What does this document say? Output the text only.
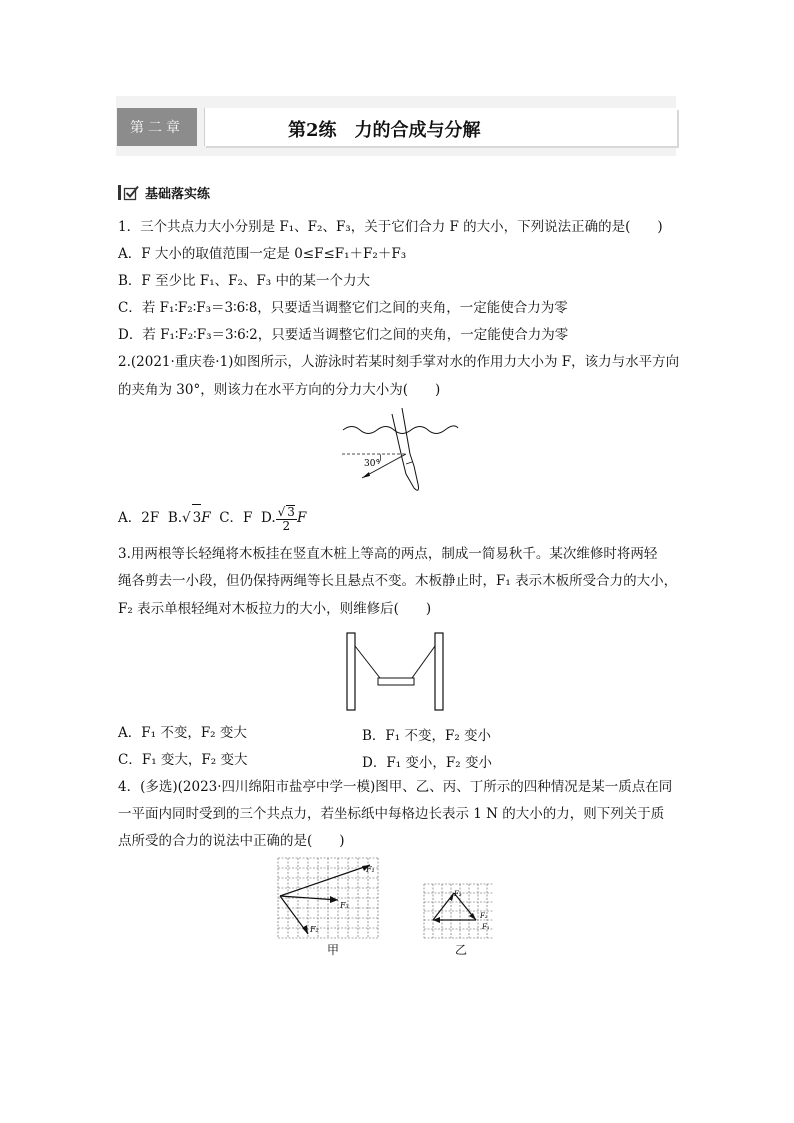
第二章	第2练　力的合成与分解
基础落实练
1．三个共点力大小分别是 F₁、F₂、F₃，关于它们合力 F 的大小，下列说法正确的是(　　)
A．F 大小的取值范围一定是 0≤F≤F₁＋F₂＋F₃
B．F 至少比 F₁、F₂、F₃ 中的某一个力大
C．若 F₁∶F₂∶F₃＝3∶6∶8，只要适当调整它们之间的夹角，一定能使合力为零
D．若 F₁∶F₂∶F₃＝3∶6∶2，只要适当调整它们之间的夹角，一定能使合力为零
2.(2021·重庆卷·1)如图所示，人游泳时若某时刻手掌对水的作用力大小为 F，该力与水平方向
的夹角为 30°，则该力在水平方向的分力大小为(　　)
30°
A．2F B.√ 3F C．F D. $\frac{√ 3}{2}$ F
3.用两根等长轻绳将木板挂在竖直木桩上等高的两点，制成一简易秋千。某次维修时将两轻
绳各剪去一小段，但仍保持两绳等长且悬点不变。木板静止时，F₁ 表示木板所受合力的大小，
F₂ 表示单根轻绳对木板拉力的大小，则维修后(　　)
A．F₁ 不变，F₂ 变大	B．F₁ 不变，F₂ 变小
C．F₁ 变大，F₂ 变大	D．F₁ 变小，F₂ 变小
4．(多选)(2023·四川绵阳市盐亭中学一模)图甲、乙、丙、丁所示的四种情况是某一质点在同
一平面内同时受到的三个共点力，若坐标纸中每格边长表示 1 N 的大小的力，则下列关于质
点所受的合力的说法中正确的是(　　)
F₁
F₃
F₂
甲
F₃
F₂
F₁
乙
